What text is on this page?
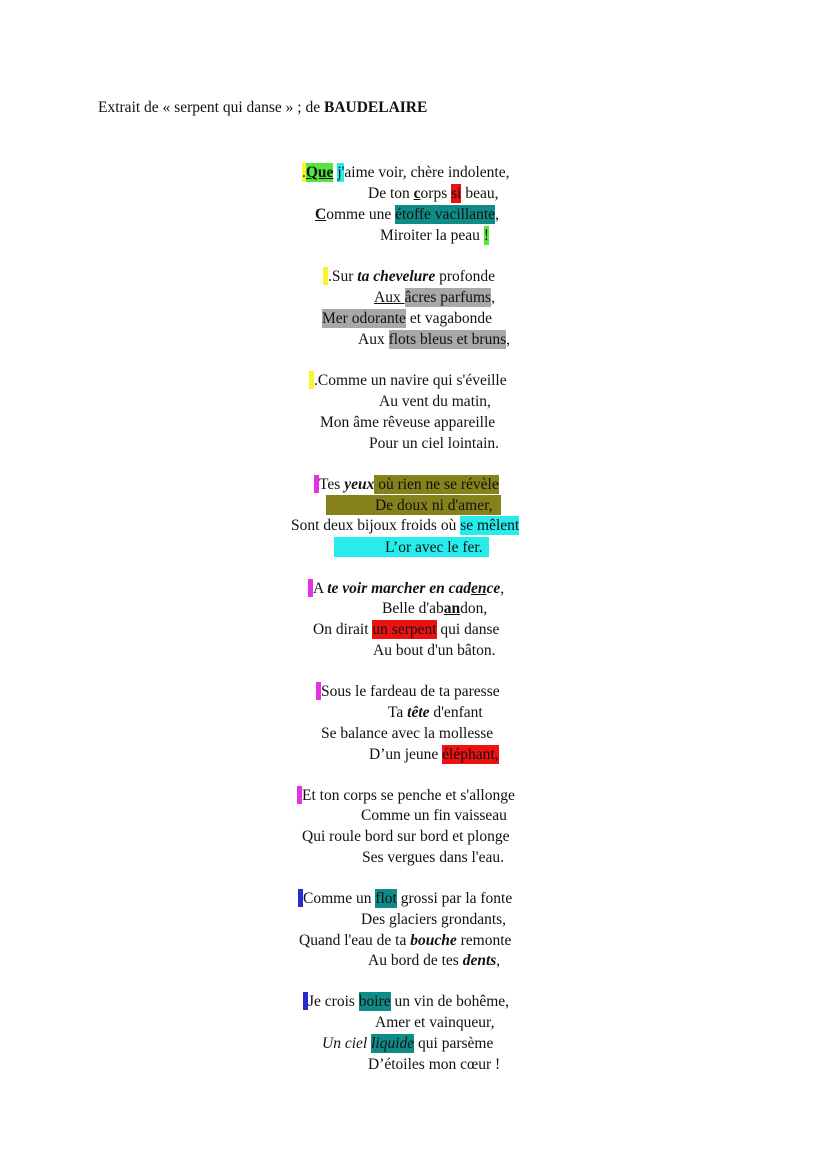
Extrait de « serpent qui danse » ; de BAUDELAIRE
.Que j'aime voir, chère indolente,
De ton corps si beau,
Comme une étoffe vacillante,
Miroiter la peau !
.Sur ta chevelure profonde
Aux âcres parfums,
Mer odorante et vagabonde
Aux flots bleus et bruns,
.Comme un navire qui s'éveille
Au vent du matin,
Mon âme rêveuse appareille
Pour un ciel lointain.
Tes yeux où rien ne se révèle
De doux ni d'amer,
Sont deux bijoux froids où se mêlent
L’or avec le fer.
A te voir marcher en cadence,
Belle d'abandon,
On dirait un serpent qui danse
Au bout d'un bâton.
Sous le fardeau de ta paresse
Ta tête d'enfant
Se balance avec la mollesse
D’un jeune éléphant,
Et ton corps se penche et s'allonge
Comme un fin vaisseau
Qui roule bord sur bord et plonge
Ses vergues dans l'eau.
Comme un flot grossi par la fonte
Des glaciers grondants,
Quand l'eau de ta bouche remonte
Au bord de tes dents,
Je crois boire un vin de bohême,
Amer et vainqueur,
Un ciel liquide qui parsème
D’étoiles mon cœur !
